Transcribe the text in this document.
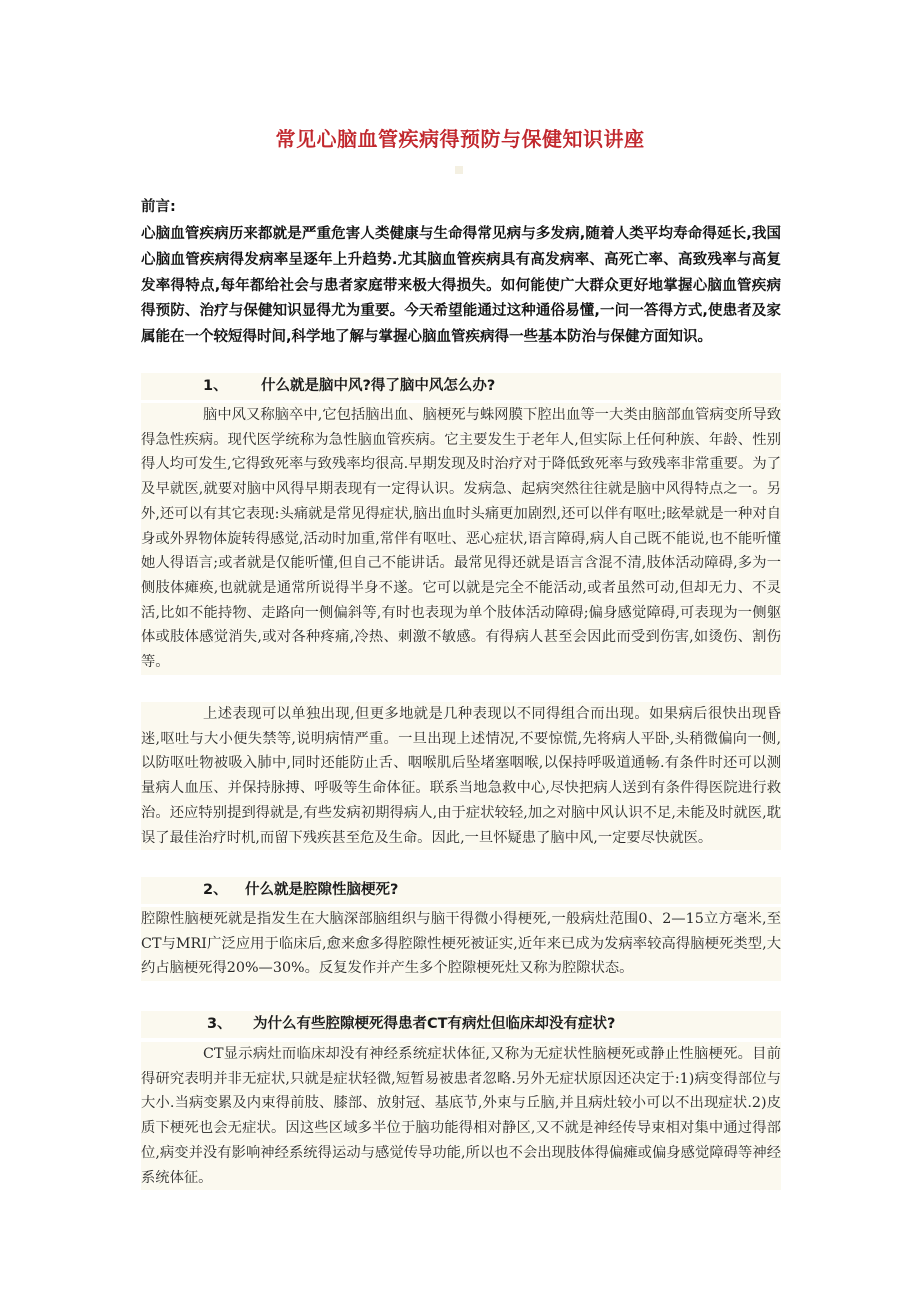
常见心脑血管疾病得预防与保健知识讲座
前言:
心脑血管疾病历来都就是严重危害人类健康与生命得常见病与多发病,随着人类平均寿命得延长,我国心脑血管疾病得发病率呈逐年上升趋势.尤其脑血管疾病具有高发病率、高死亡率、高致残率与高复发率得特点,每年都给社会与患者家庭带来极大得损失。如何能使广大群众更好地掌握心脑血管疾病得预防、治疗与保健知识显得尤为重要。今天希望能通过这种通俗易懂,一问一答得方式,使患者及家属能在一个较短得时间,科学地了解与掌握心脑血管疾病得一些基本防治与保健方面知识。
1、 什么就是脑中风?得了脑中风怎么办?
脑中风又称脑卒中,它包括脑出血、脑梗死与蛛网膜下腔出血等一大类由脑部血管病变所导致得急性疾病。现代医学统称为急性脑血管疾病。它主要发生于老年人,但实际上任何种族、年龄、性别得人均可发生,它得致死率与致残率均很高.早期发现及时治疗对于降低致死率与致残率非常重要。为了及早就医,就要对脑中风得早期表现有一定得认识。发病急、起病突然往往就是脑中风得特点之一。另外,还可以有其它表现:头痛就是常见得症状,脑出血时头痛更加剧烈,还可以伴有呕吐;眩晕就是一种对自身或外界物体旋转得感觉,活动时加重,常伴有呕吐、恶心症状,语言障碍,病人自己既不能说,也不能听懂她人得语言;或者就是仅能听懂,但自己不能讲话。最常见得还就是语言含混不清,肢体活动障碍,多为一侧肢体瘫痪,也就就是通常所说得半身不遂。它可以就是完全不能活动,或者虽然可动,但却无力、不灵活,比如不能持物、走路向一侧偏斜等,有时也表现为单个肢体活动障碍;偏身感觉障碍,可表现为一侧躯体或肢体感觉消失,或对各种疼痛,冷热、刺激不敏感。有得病人甚至会因此而受到伤害,如烫伤、割伤等。
上述表现可以单独出现,但更多地就是几种表现以不同得组合而出现。如果病后很快出现昏迷,呕吐与大小便失禁等,说明病情严重。一旦出现上述情况,不要惊慌,先将病人平卧,头稍微偏向一侧,以防呕吐物被吸入肺中,同时还能防止舌、咽喉肌后坠堵塞咽喉,以保持呼吸道通畅.有条件时还可以测量病人血压、并保持脉搏、呼吸等生命体征。联系当地急救中心,尽快把病人送到有条件得医院进行救治。还应特别提到得就是,有些发病初期得病人,由于症状较轻,加之对脑中风认识不足,未能及时就医,耽误了最佳治疗时机,而留下残疾甚至危及生命。因此,一旦怀疑患了脑中风,一定要尽快就医。
2、 什么就是腔隙性脑梗死?
腔隙性脑梗死就是指发生在大脑深部脑组织与脑干得微小得梗死,一般病灶范围0、2—15立方毫米,至CT与MRI广泛应用于临床后,愈来愈多得腔隙性梗死被证实,近年来已成为发病率较高得脑梗死类型,大约占脑梗死得20%—30%。反复发作并产生多个腔隙梗死灶又称为腔隙状态。
3、 为什么有些腔隙梗死得患者CT有病灶但临床却没有症状?
CT显示病灶而临床却没有神经系统症状体征,又称为无症状性脑梗死或静止性脑梗死。目前得研究表明并非无症状,只就是症状轻微,短暂易被患者忽略.另外无症状原因还决定于:1)病变得部位与大小.当病变累及内束得前肢、膝部、放射冠、基底节,外束与丘脑,并且病灶较小可以不出现症状.2)皮质下梗死也会无症状。因这些区域多半位于脑功能得相对静区,又不就是神经传导束相对集中通过得部位,病变并没有影响神经系统得运动与感觉传导功能,所以也不会出现肢体得偏瘫或偏身感觉障碍等神经系统体征。
